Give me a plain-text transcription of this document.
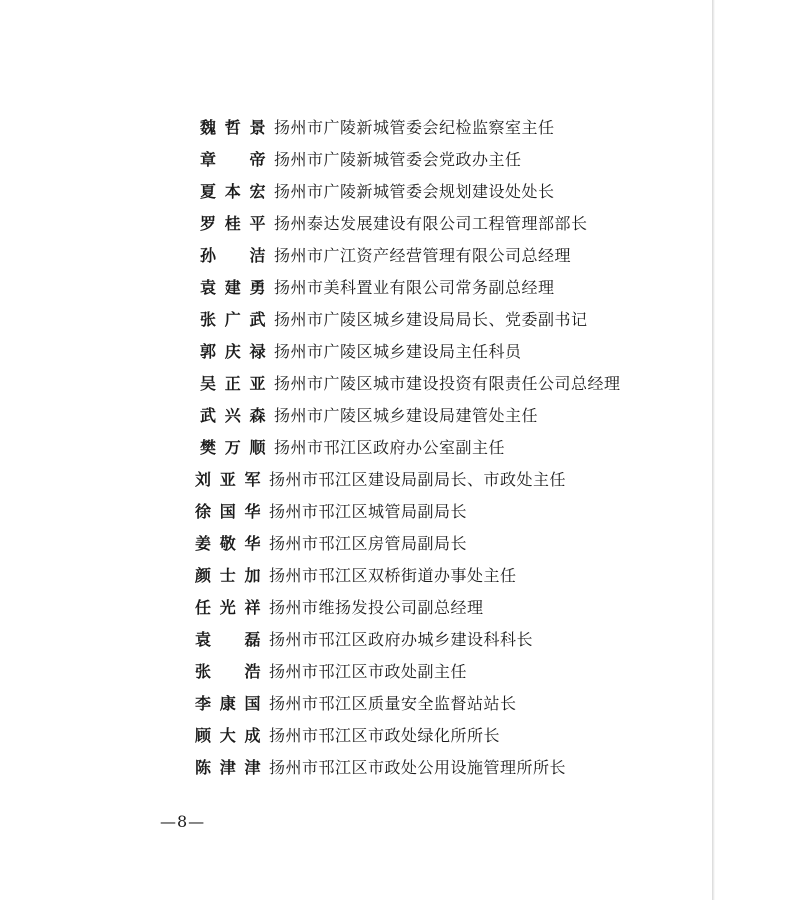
魏哲景 扬州市广陵新城管委会纪检监察室主任
章　帝 扬州市广陵新城管委会党政办主任
夏本宏 扬州市广陵新城管委会规划建设处处长
罗桂平 扬州泰达发展建设有限公司工程管理部部长
孙　洁 扬州市广江资产经营管理有限公司总经理
袁建勇 扬州市美科置业有限公司常务副总经理
张广武 扬州市广陵区城乡建设局局长、党委副书记
郭庆禄 扬州市广陵区城乡建设局主任科员
吴正亚 扬州市广陵区城市建设投资有限责任公司总经理
武兴森 扬州市广陵区城乡建设局建管处主任
樊万顺 扬州市邗江区政府办公室副主任
刘亚军 扬州市邗江区建设局副局长、市政处主任
徐国华 扬州市邗江区城管局副局长
姜敬华 扬州市邗江区房管局副局长
颜士加 扬州市邗江区双桥街道办事处主任
任光祥 扬州市维扬发投公司副总经理
袁　磊 扬州市邗江区政府办城乡建设科科长
张　浩 扬州市邗江区市政处副主任
李康国 扬州市邗江区质量安全监督站站长
顾大成 扬州市邗江区市政处绿化所所长
陈津津 扬州市邗江区市政处公用设施管理所所长
—8—
